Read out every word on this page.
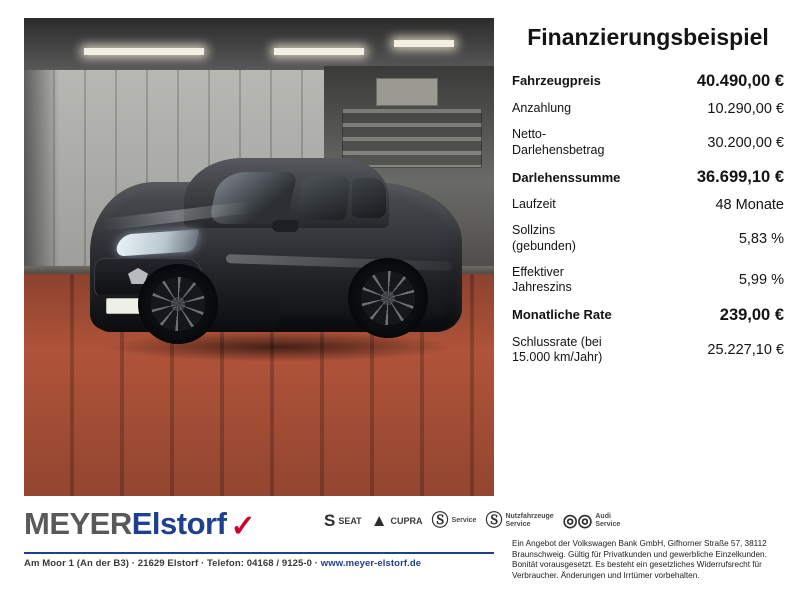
MEYER Elstorf ✓	S SEAT ▲ CUPRA Ⓢ Service Ⓢ Nutzfahrzeuge Service	◎◎ Audi Service
Am Moor 1 (An der B3) · 21629 Elstorf · Telefon: 04168 / 9125-0 · www.meyer-elstorf.de
Finanzierungsbeispiel
Fahrzeugpreis	40.490,00 €
Anzahlung	10.290,00 €
Netto-
Darlehensbetrag	30.200,00 €
Darlehenssumme	36.699,10 €
Laufzeit	48 Monate
Sollzins
(gebunden)	5,83 %
Effektiver
Jahreszins	5,99 %
Monatliche Rate	239,00 €
Schlussrate (bei
15.000 km/Jahr)	25.227,10 €
Ein Angebot der Volkswagen Bank GmbH, Gifhorner Straße 57, 38112 Braunschweig. Gültig für Privatkunden und gewerbliche Einzelkunden. Bonität vorausgesetzt. Es besteht ein gesetzliches Widerrufsrecht für Verbraucher. Änderungen und Irrtümer vorbehalten.
